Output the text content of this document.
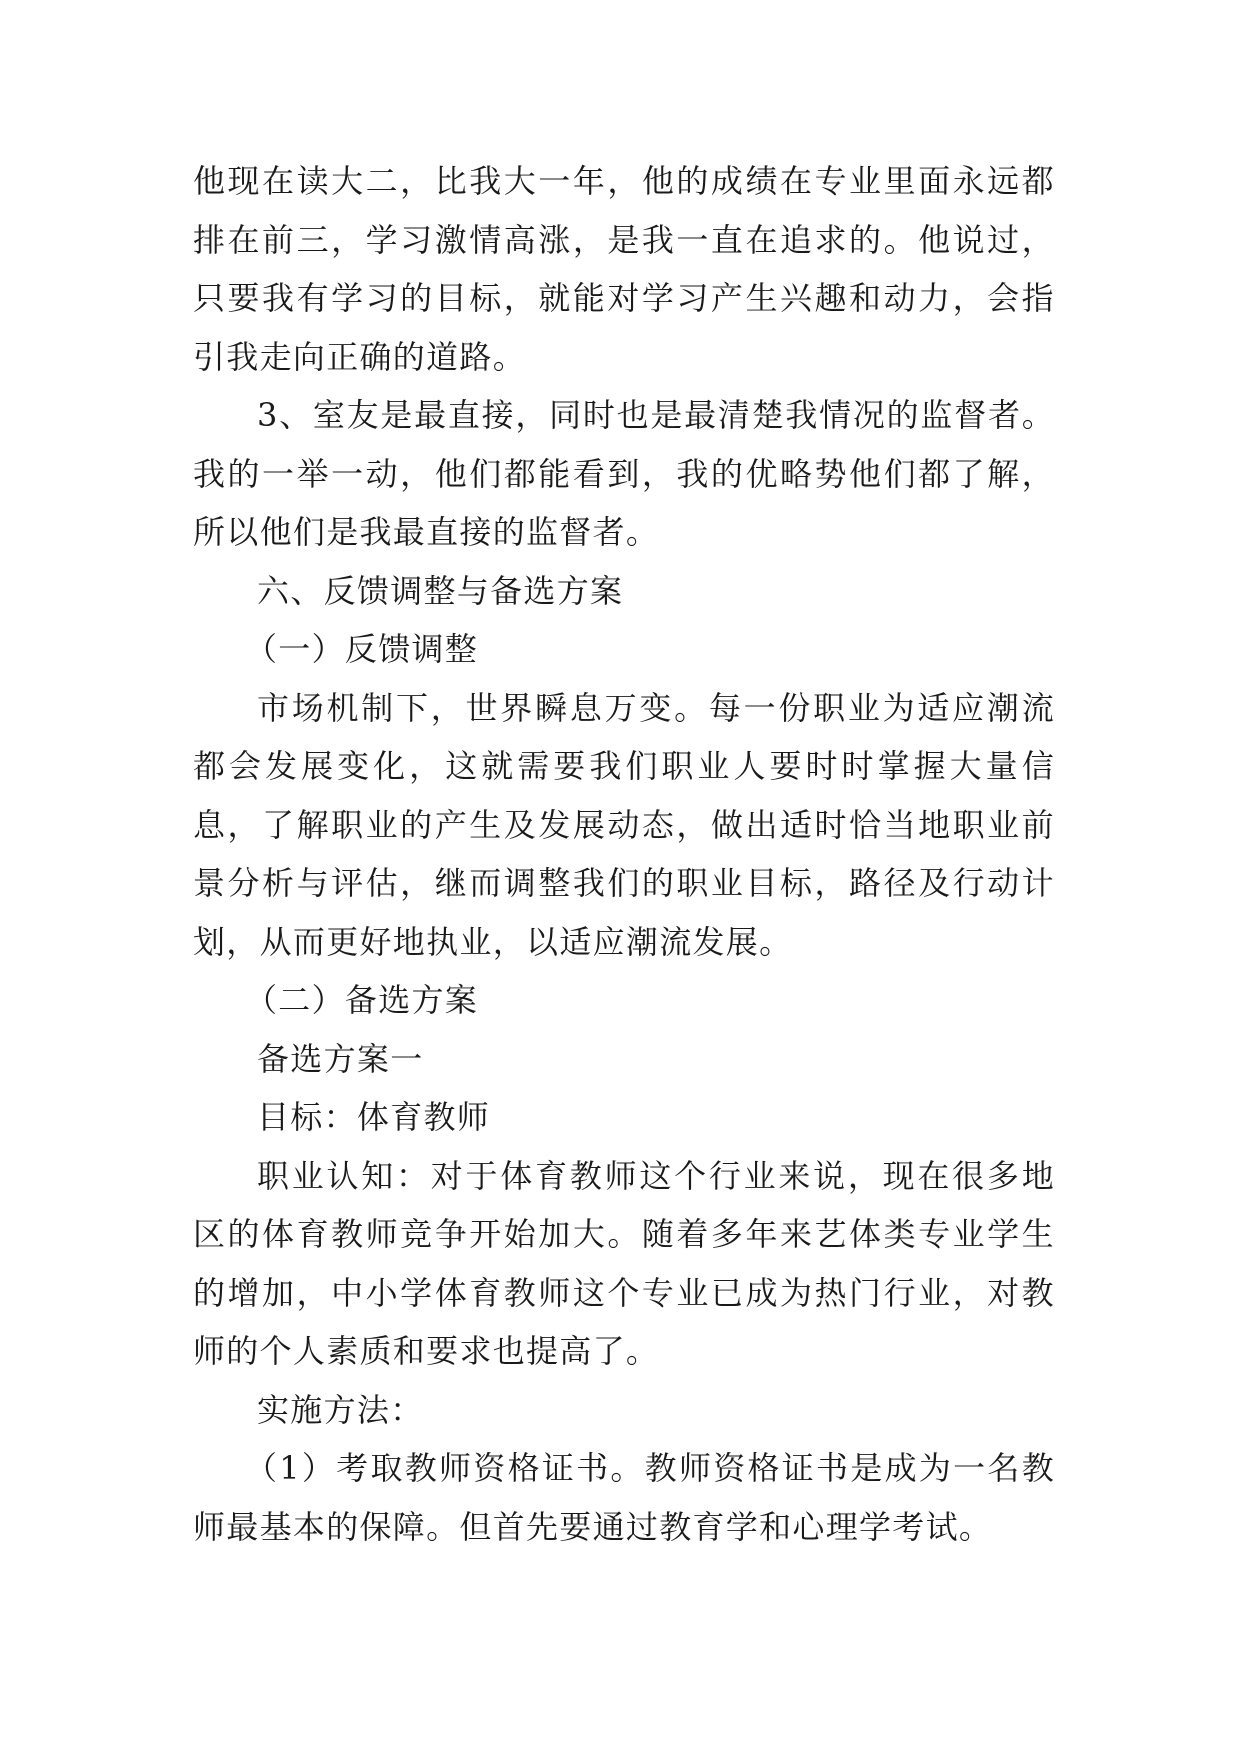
他现在读大二，比我大一年，他的成绩在专业里面永远都排在前三，学习激情高涨，是我一直在追求的。他说过，只要我有学习的目标，就能对学习产生兴趣和动力，会指引我走向正确的道路。

3、室友是最直接，同时也是最清楚我情况的监督者。我的一举一动，他们都能看到，我的优略势他们都了解，所以他们是我最直接的监督者。

六、反馈调整与备选方案

（一）反馈调整

市场机制下，世界瞬息万变。每一份职业为适应潮流都会发展变化，这就需要我们职业人要时时掌握大量信息，了解职业的产生及发展动态，做出适时恰当地职业前景分析与评估，继而调整我们的职业目标，路径及行动计划，从而更好地执业，以适应潮流发展。

（二）备选方案

备选方案一

目标：体育教师

职业认知：对于体育教师这个行业来说，现在很多地区的体育教师竞争开始加大。随着多年来艺体类专业学生的增加，中小学体育教师这个专业已成为热门行业，对教师的个人素质和要求也提高了。

实施方法：

（1）考取教师资格证书。教师资格证书是成为一名教师最基本的保障。但首先要通过教育学和心理学考试。
